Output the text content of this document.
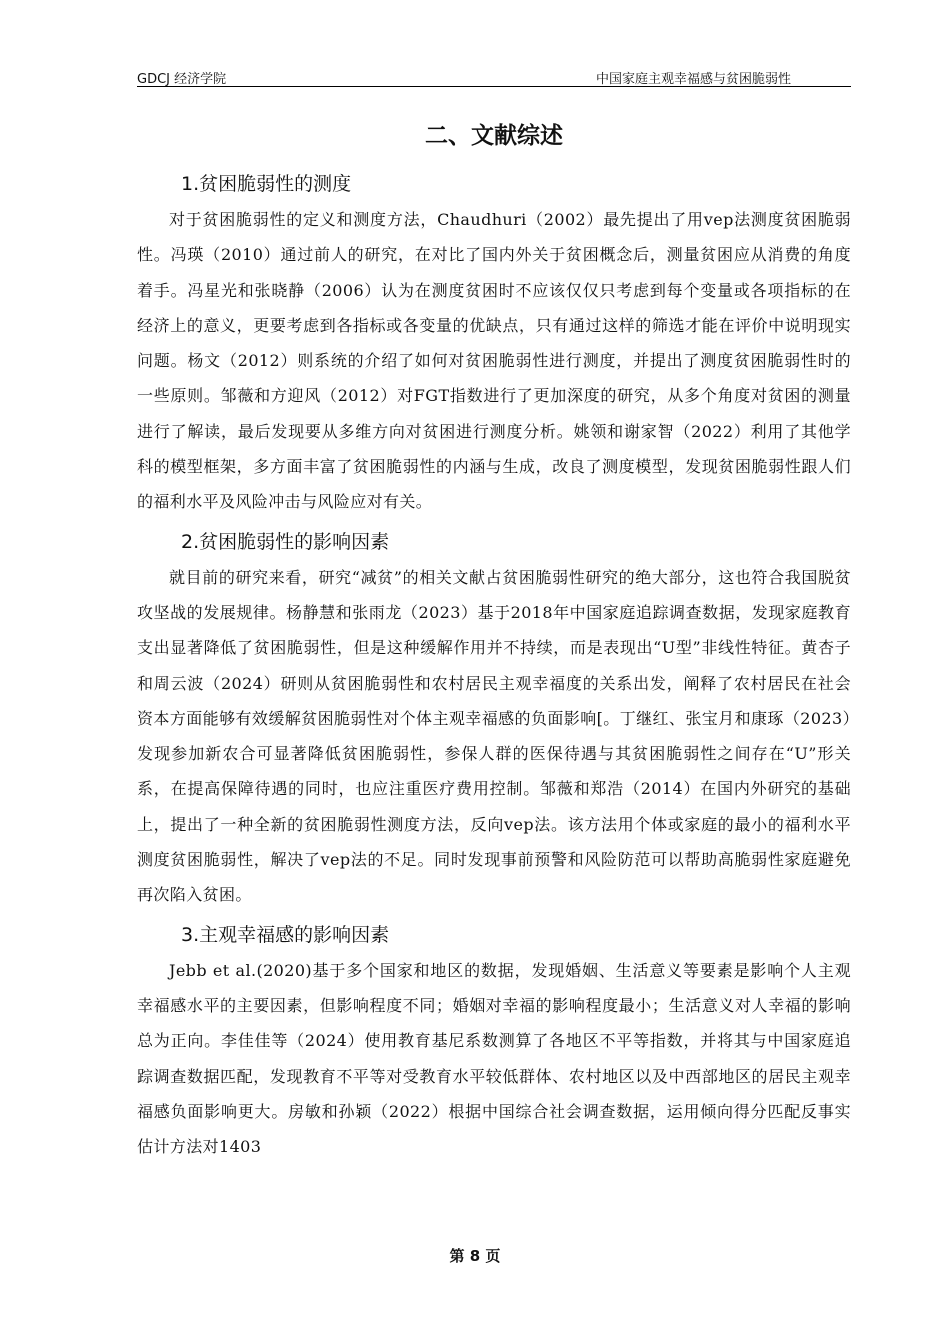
GDCJ 经济学院	中国家庭主观幸福感与贫困脆弱性
二、文献综述
1.贫困脆弱性的测度

对于贫困脆弱性的定义和测度方法，Chaudhuri（2002）最先提出了用vep法测度贫困脆弱性。冯瑛（2010）通过前人的研究，在对比了国内外关于贫困概念后，测量贫困应从消费的角度着手。冯星光和张晓静（2006）认为在测度贫困时不应该仅仅只考虑到每个变量或各项指标的在经济上的意义，更要考虑到各指标或各变量的优缺点，只有通过这样的筛选才能在评价中说明现实问题。杨文（2012）则系统的介绍了如何对贫困脆弱性进行测度，并提出了测度贫困脆弱性时的一些原则。邹薇和方迎风（2012）对FGT指数进行了更加深度的研究，从多个角度对贫困的测量进行了解读，最后发现要从多维方向对贫困进行测度分析。姚领和谢家智（2022）利用了其他学科的模型框架，多方面丰富了贫困脆弱性的内涵与生成，改良了测度模型，发现贫困脆弱性跟人们的福利水平及风险冲击与风险应对有关。

2.贫困脆弱性的影响因素

就目前的研究来看，研究“减贫”的相关文献占贫困脆弱性研究的绝大部分，这也符合我国脱贫攻坚战的发展规律。杨静慧和张雨龙（2023）基于2018年中国家庭追踪调查数据，发现家庭教育支出显著降低了贫困脆弱性，但是这种缓解作用并不持续，而是表现出“U型”非线性特征。黄杏子和周云波（2024）研则从贫困脆弱性和农村居民主观幸福度的关系出发，阐释了农村居民在社会资本方面能够有效缓解贫困脆弱性对个体主观幸福感的负面影响[。丁继红、张宝月和康琢（2023）发现参加新农合可显著降低贫困脆弱性，参保人群的医保待遇与其贫困脆弱性之间存在“U”形关系，在提高保障待遇的同时，也应注重医疗费用控制。邹薇和郑浩（2014）在国内外研究的基础上，提出了一种全新的贫困脆弱性测度方法，反向vep法。该方法用个体或家庭的最小的福利水平测度贫困脆弱性，解决了vep法的不足。同时发现事前预警和风险防范可以帮助高脆弱性家庭避免再次陷入贫困。

3.主观幸福感的影响因素

Jebb et al.(2020)基于多个国家和地区的数据，发现婚姻、生活意义等要素是影响个人主观幸福感水平的主要因素，但影响程度不同；婚姻对幸福的影响程度最小；生活意义对人幸福的影响总为正向。李佳佳等（2024）使用教育基尼系数测算了各地区不平等指数，并将其与中国家庭追踪调查数据匹配，发现教育不平等对受教育水平较低群体、农村地区以及中西部地区的居民主观幸福感负面影响更大。房敏和孙颖（2022）根据中国综合社会调查数据，运用倾向得分匹配反事实估计方法对1403

第 8 页
